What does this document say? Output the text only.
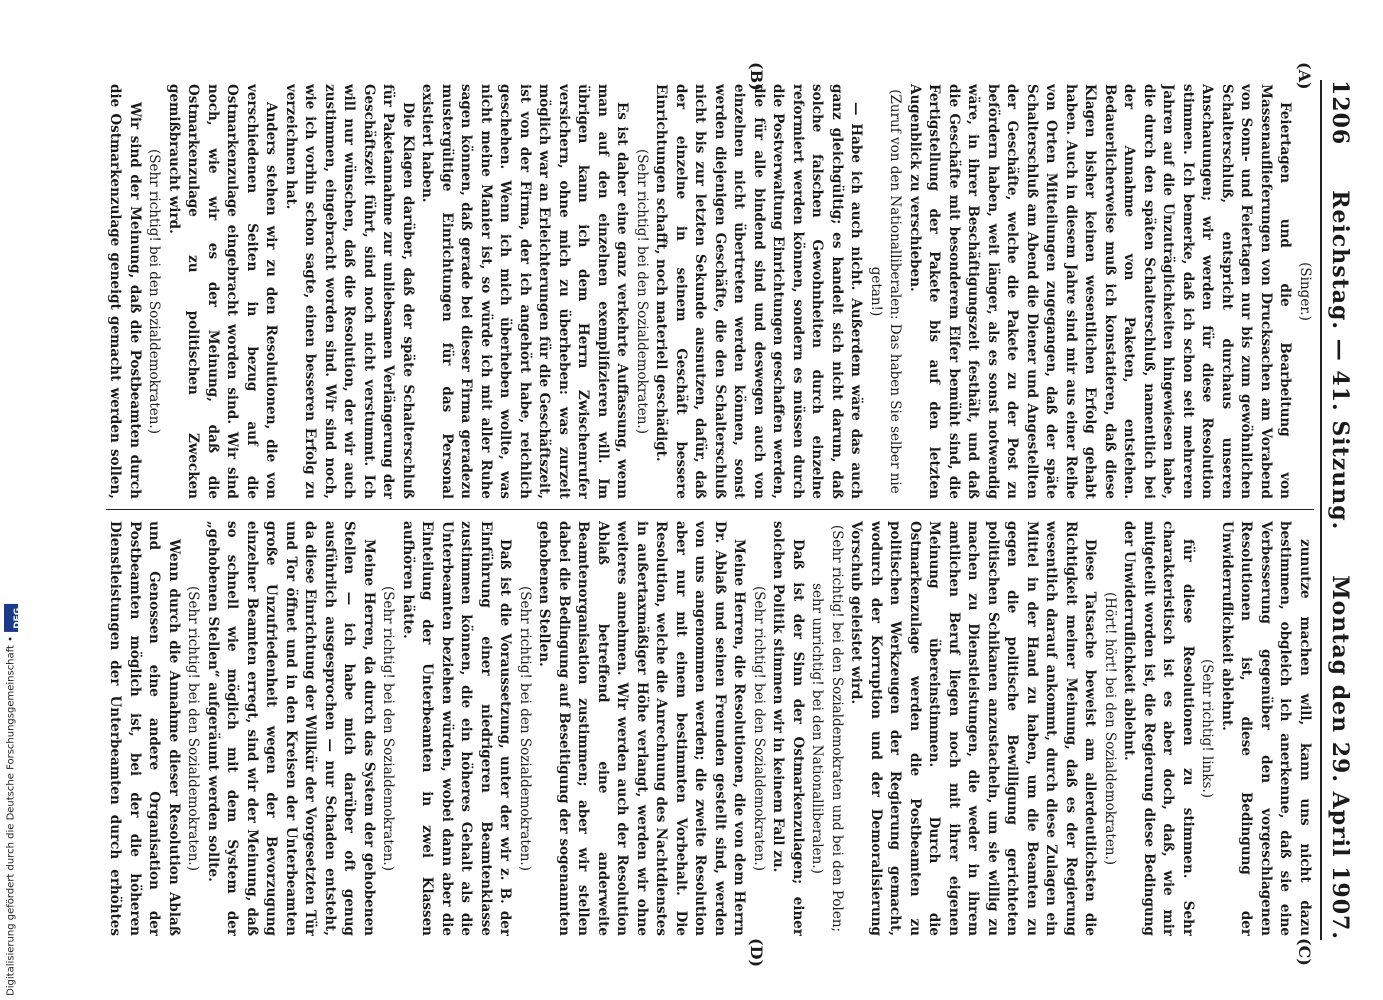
1206
Reichstag. — 41. Sitzung.
Montag den 29. April 1907.
(A)
(B)
(C)
(D)

(Singer.)

Feiertagen und die Bearbeitung von Massenauflieferungen von Drucksachen am Vorabend von Sonn- und Feiertagen nur bis zum gewöhnlichen Schalterschluß, entspricht durchaus unseren Anschauungen; wir werden für diese Resolution stimmen. Ich bemerke, daß ich schon seit mehreren Jahren auf die Unzuträglichkeiten hingewiesen habe, die durch den späten Schalterschluß, namentlich bei der Annahme von Paketen, entstehen. Bedauerlicherweise muß ich konstatieren, daß diese Klagen bisher keinen wesentlichen Erfolg gehabt haben. Auch in diesem Jahre sind mir aus einer Reihe von Orten Mitteilungen zugegangen, daß der späte Schalterschluß am Abend die Diener und Angestellten der Geschäfte, welche die Pakete zu der Post zu befördern haben, weit länger, als es sonst notwendig wäre, in ihrer Beschäftigungszeit festhält, und daß die Geschäfte mit besonderem Eifer bemüht sind, die Fertigstellung der Pakete bis auf den letzten Augenblick zu verschieben.

(Zuruf von den Nationalliberalen: Das haben Sie selber nie getan!)

— Habe ich auch nicht. Außerdem wäre das auch ganz gleichgültig; es handelt sich nicht darum, daß solche falschen Gewohnheiten durch einzelne reformiert werden können, sondern es müssen durch die Postverwaltung Einrichtungen geschaffen werden, die für alle bindend sind und deswegen auch von einzelnen nicht übertreten werden können, sonst werden diejenigen Geschäfte, die den Schalterschluß nicht bis zur letzten Sekunde ausnutzen, dafür, daß der einzelne in seinem Geschäft bessere Einrichtungen schafft, noch materiell geschädigt.

(Sehr richtig! bei den Sozialdemokraten.)

Es ist daher eine ganz verkehrte Auffassung, wenn man auf den einzelnen exemplifizieren will. Im übrigen kann ich dem Herrn Zwischenrufer versichern, ohne mich zu überheben: was zurzeit möglich war an Erleichterungen für die Geschäftszeit, ist von der Firma, der ich angehört habe, reichlich geschehen. Wenn ich mich überheben wollte, was nicht meine Manier ist, so würde ich mit aller Ruhe sagen können, daß gerade bei dieser Firma geradezu mustergültige Einrichtungen für das Personal existiert haben.

Die Klagen darüber, daß der späte Schalterschluß für Paketannahme zur unliebsamen Verlängerung der Geschäftszeit führt, sind noch nicht verstummt. Ich will nur wünschen, daß die Resolution, der wir auch zustimmen, eingebracht worden sind. Wir sind noch, wie ich vorhin schon sagte, einen besseren Erfolg zu verzeichnen hat.

Anders stehen wir zu den Resolutionen, die von verschiedenen Seiten in bezug auf die Ostmarkenzulage eingebracht worden sind. Wir sind noch, wie wir es der Meinung, daß die Ostmarkenzulage zu politischen Zwecken gemißbraucht wird.

(Sehr richtig! bei den Sozialdemokraten.)

Wir sind der Meinung, daß die Postbeamten durch die Ostmarkenzulage geneigt gemacht werden sollen,

zunutze machen will, kann uns nicht dazu bestimmen, obgleich ich anerkenne, daß sie eine Verbesserung gegenüber den vorgeschlagenen Resolutionen ist, diese Bedingung der Unwiderruflichkeit ablehnt.

(Sehr richtig! links.)

für diese Resolutionen zu stimmen. Sehr charakteristisch ist es aber doch, daß, wie mir mitgeteilt worden ist, die Regierung diese Bedingung der Unwiderruflichkeit ablehnt.

(Hört! hört! bei den Sozialdemokraten.)

Diese Tatsache beweist am allerdeutlichsten die Richtigkeit meiner Meinung, daß es der Regierung wesentlich darauf ankommt, durch diese Zulagen ein Mittel in der Hand zu haben, um die Beamten zu gegen die politische Bewilligung gerichteten politischen Schikanen anzustacheln, um sie willig zu machen zu Dienstleistungen, die weder in ihrem amtlichen Beruf liegen noch mit ihrer eigenen Meinung übereinstimmen. Durch die Ostmarkenzulage werden die Postbeamten zu politischen Werkzeugen der Regierung gemacht, wodurch der Korruption und der Demoralisierung Vorschub geleistet wird.

(Sehr richtig! bei den Sozialdemokraten und bei den Polen; sehr unrichtig! bei den Nationalliberalen.)

Daß ist der Sinn der Ostmarkenzulagen; einer solchen Politik stimmen wir in keinem Fall zu.

(Sehr richtig! bei den Sozialdemokraten.)

Meine Herren, die Resolutionen, die von dem Herrn Dr. Ablaß und seinen Freunden gestellt sind, werden von uns angenommen werden; die zweite Resolution aber nur mit einem bestimmten Vorbehalt. Die Resolution, welche die Anrechnung des Nachtdienstes in außertaxmäßiger Höhe verlangt, werden wir ohne weiteres annehmen. Wir werden auch der Resolution Ablaß betreffend eine anderweite Beamtenorganisation zustimmen; aber wir stellen dabei die Bedingung auf Beseitigung der sogenannten gehobenen Stellen.

(Sehr richtig! bei den Sozialdemokraten.)

Daß ist die Voraussetzung, unter der wir z. B. der Einführung einer niedrigeren Beamtenklasse zustimmen können, die ein höheres Gehalt als die Unterbeamten beziehen würden, wobei dann aber die Einteilung der Unterbeamten in zwei Klassen aufhören hätte.

(Sehr richtig! bei den Sozialdemokraten.)

Meine Herren, da durch das System der gehobenen Stellen — ich habe mich darüber oft genug ausführlich ausgesprochen — nur Schaden entsteht, da diese Einrichtung der Willkür der Vorgesetzten Tür und Tor öffnet und in den Kreisen der Unterbeamten große Unzufriedenheit wegen der Bevorzugung einzelner Beamten erregt, sind wir der Meinung, daß so schnell wie möglich mit dem System der „gehobenen Stellen“ aufgeräumt werden sollte.

(Sehr richtig! bei den Sozialdemokraten.)

Wenn durch die Annahme dieser Resolution Ablaß und Genossen eine andere Organisation der Postbeamten möglich ist, bei der die höheren Dienstleistungen der Unterbeamten durch erhöhtes

Digitalisierung gefördert durch die Deutsche Forschungsgemeinschaft •
DFG
